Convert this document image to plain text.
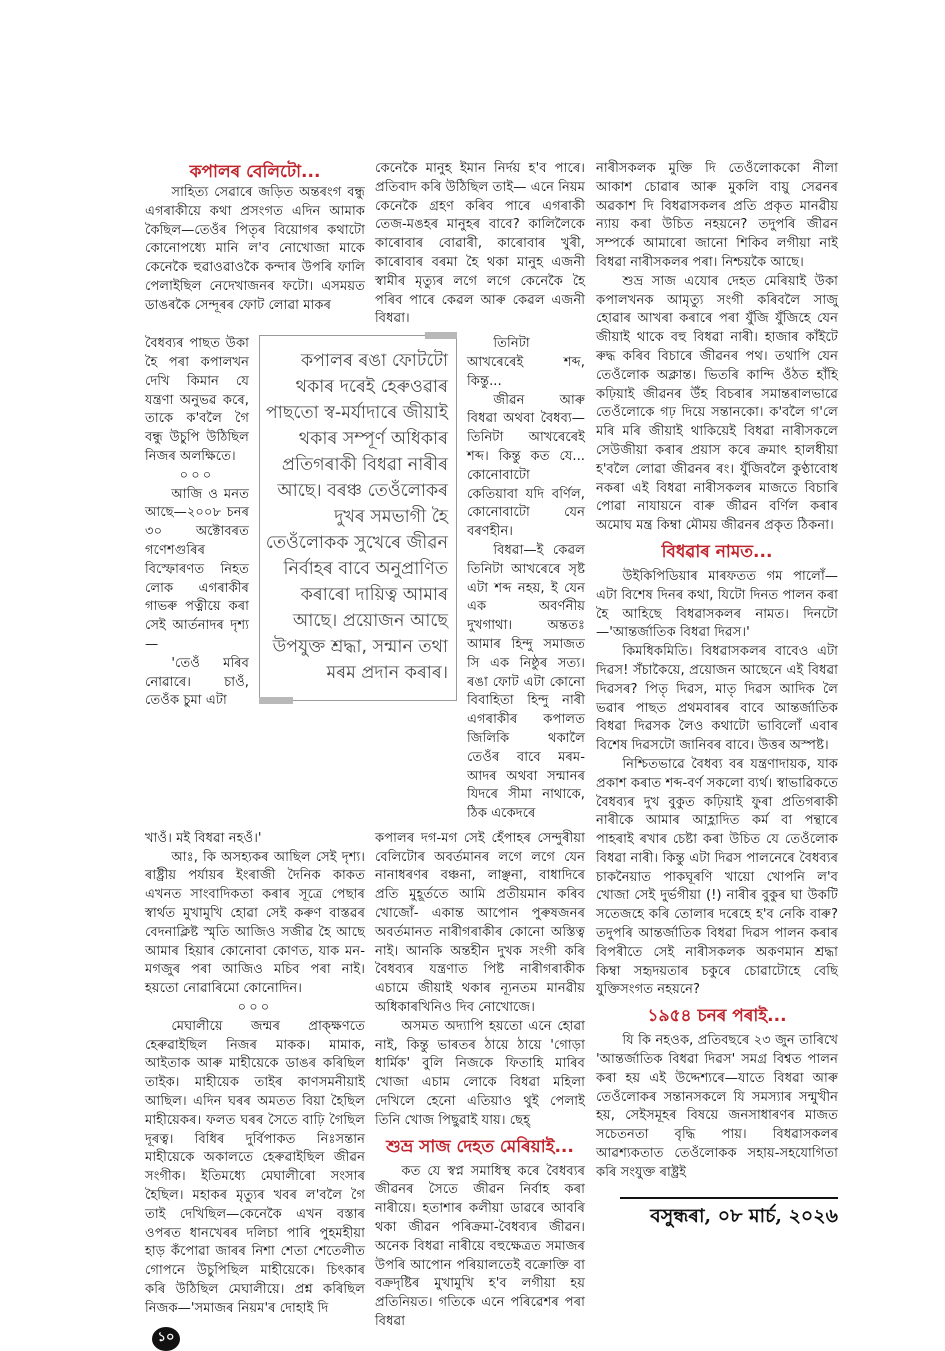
কপালৰ বেলিটো...

সাহিত্য সেৱাৰে জড়িত অন্তৰংগ বন্ধু এগৰাকীয়ে কথা প্ৰসংগত এদিন আমাক কৈছিল—তেওঁৰ পিতৃৰ বিয়োগৰ কথাটো কোনোপধ্যে মানি ল'ব নোখোজা মাকে কেনেকৈ হুৱাওৱাওকৈ কন্দাৰ উপৰি ফালি পেলাইছিল নেদেখাজনৰ ফটো। এসময়ত ডাঙৰকৈ সেন্দূৰৰ ফোট লোৱা মাকৰ

কেনেকৈ মানুহ ইমান নিৰ্দয় হ'ব পাৰে। প্ৰতিবাদ কৰি উঠিছিল তাই— এনে নিয়ম কেনেকৈ গ্ৰহণ কৰিব পাৰে এগৰাকী তেজ-মঙহৰ মানুহৰ বাবে? কালিলৈকে কাৰোবাৰ বোৱাৰী, কাৰোবাৰ খুৰী, কাৰোবাৰ বৰমা হৈ থকা মানুহ এজনী স্বামীৰ মৃত্যুৰ লগে লগে কেনেকৈ হৈ পৰিব পাৰে কেৱল আৰু কেৱল এজনী বিধৱা।

বৈধব্যৰ পাছত উকা হৈ পৰা কপালখন দেখি কিমান যে যন্ত্ৰণা অনুভৱ কৰে, তাকে ক'বলৈ গৈ বন্ধু উচুপি উঠিছিল নিজৰ অলক্ষিতে।

০০০

আজি ও মনত আছে—২০০৮ চনৰ ৩০ অক্টোবৰত গণেশগুৰিৰ বিস্ফোৰণত নিহত লোক এগৰাকীৰ গাভৰু পত্নীয়ে কৰা সেই আৰ্তনাদৰ দৃশ্য—

'তেওঁ মৰিব নোৱাৰে। চাওঁ, তেওঁক চুমা এটা

কপালৰ ৰঙা ফোটটো থকাৰ দৰেই হেৰুওৱাৰ পাছতো স্ব-মৰ্যাদাৰে জীয়াই থকাৰ সম্পূৰ্ণ অধিকাৰ প্ৰতিগৰাকী বিধৱা নাৰীৰ আছে। বৰঞ্চ তেওঁলোকৰ দুখৰ সমভাগী হৈ তেওঁলোকক সুখেৰে জীৱন নিৰ্বাহৰ বাবে অনুপ্ৰাণিত কৰাৰো দায়িত্ব আমাৰ আছে। প্ৰয়োজন আছে উপযুক্ত শ্ৰদ্ধা, সন্মান তথা মৰম প্ৰদান কৰাৰ।

তিনিটা আখৰেৰেই শব্দ, কিন্তু...

জীৱন আৰু বিধৱা অথবা বৈধব্য— তিনিটা আখৰেৰেই শব্দ। কিন্তু কত যে... কোনোবাটো কেতিয়াবা যদি বৰ্ণিল, কোনোবাটো যেন বৰণহীন।

বিধৱা—ই কেৱল তিনিটা আখৰেৰে সৃষ্ট এটা শব্দ নহয়, ই যেন এক অবৰ্ণনীয় দুখগাথা। অন্ততঃ আমাৰ হিন্দু সমাজত সি এক নিষ্ঠুৰ সত্য। ৰঙা ফোট এটা কোনো বিবাহিতা হিন্দু নাৰী এগৰাকীৰ কপালত জিলিকি থকালৈ তেওঁৰ বাবে মৰম-আদৰ অথবা সন্মানৰ যিদৰে সীমা নাথাকে, ঠিক একেদৰে

খাওঁ। মই বিধৱা নহওঁ।'

আঃ, কি অসহ্যকৰ আছিল সেই দৃশ্য। ৰাষ্ট্ৰীয় পৰ্যায়ৰ ইংৰাজী দৈনিক কাকত এখনত সাংবাদিকতা কৰাৰ সূত্ৰে পেছাৰ স্বাৰ্থত মুখামুখি হোৱা সেই কৰুণ বাস্তৱৰ বেদনাক্লিষ্ট স্মৃতি আজিও সজীৱ হৈ আছে আমাৰ হিয়াৰ কোনোবা কোণত, যাক মন-মগজুৰ পৰা আজিও মচিব পৰা নাই। হয়তো নোৱাৰিমো কোনোদিন।

০০০

মেঘালীয়ে জন্মৰ প্ৰাক্‌ক্ষণতে হেৰুৱাইছিল নিজৰ মাকক। মামাক, আইতাক আৰু মাহীয়েকে ডাঙৰ কৰিছিল তাইক। মাহীয়েক তাইৰ কাণসমনীয়াই আছিল। এদিন ঘৰৰ অমতত বিয়া হৈছিল মাহীয়েকৰ। ফলত ঘৰৰ সৈতে বাঢ়ি গৈছিল দূৰত্ব। বিধিৰ দুৰ্বিপাকত নিঃসন্তান মাহীয়েকে অকালতে হেৰুৱাইছিল জীৱন সংগীক। ইতিমধ্যে মেঘালীৰো সংসাৰ হৈছিল। মহাকৰ মৃত্যুৰ খবৰ ল'বলৈ গৈ তাই দেখিছিল—কেনেকৈ এখন বস্তাৰ ওপৰত ধানখেৰৰ দলিচা পাৰি পুহমহীয়া হাড় কঁপোৱা জাৰৰ নিশা শেতা শেতেলীত গোপনে উচুপিছিল মাহীয়েকে। চিৎকাৰ কৰি উঠিছিল মেঘালীয়ে। প্ৰশ্ন কৰিছিল নিজক—'সমাজৰ নিয়ম'ৰ দোহাই দি

১০

কপালৰ দগ-মগ সেই হেঁপাহৰ সেন্দুৰীয়া বেলিটোৰ অবৰ্তমানৰ লগে লগে যেন নানাধৰণৰ বঞ্চনা, লাঞ্ছনা, বাধাদিৰে প্ৰতি মুহূৰ্ততে আমি প্ৰতীয়মান কৰিব খোজোঁ- একান্ত আপোন পুৰুষজনৰ অবৰ্তমানত নাৰীগৰাকীৰ কোনো অস্তিত্ব নাই। আনকি অন্তহীন দুখক সংগী কৰি বৈধব্যৰ যন্ত্ৰণাত পিষ্ট নাৰীগৰাকীক এচামে জীয়াই থকাৰ ন্যূনতম মানৱীয় অধিকাৰখিনিও দিব নোখোজে।

অসমত অদ্যাপি হয়তো এনে হোৱা নাই, কিন্তু ভাৰতৰ ঠায়ে ঠায়ে 'গোড়া ধাৰ্মিক' বুলি নিজকে ফিতাহি মাৰিব খোজা এচাম লোকে বিধৱা মহিলা দেখিলে হেনো এতিয়াও থুই পেলাই তিনি খোজ পিছুৱাই যায়। ছেহ্‌

শুভ্ৰ সাজ দেহত মেৰিয়াই...

কত যে স্বপ্ন সমাধিস্থ কৰে বৈধব্যৰ জীৱনৰ সৈতে জীৱন নিৰ্বাহ কৰা নাৰীয়ে। হতাশাৰ কলীয়া ডাৱৰে আবৰি থকা জীৱন পৰিক্ৰমা-বৈধব্যৰ জীৱন। অনেক বিধৱা নাৰীয়ে বহুক্ষেত্ৰত সমাজৰ উপৰি আপোন পৰিয়ালতেই বক্ৰোক্তি বা বক্ৰদৃষ্টিৰ মুখামুখি হ'ব লগীয়া হয় প্ৰতিনিয়ত। গতিকে এনে পৰিৱেশৰ পৰা বিধৱা

নাৰীসকলক মুক্তি দি তেওঁলোককো নীলা আকাশ চোৱাৰ আৰু মুকলি বায়ু সেৱনৰ অৱকাশ দি বিধৱাসকলৰ প্ৰতি প্ৰকৃত মানৱীয় ন্যায় কৰা উচিত নহয়নে? তদুপৰি জীৱন সম্পৰ্কে আমাৰো জানো শিকিব লগীয়া নাই বিধৱা নাৰীসকলৰ পৰা। নিশ্চয়কৈ আছে।

শুভ্ৰ সাজ এযোৰ দেহত মেৰিয়াই উকা কপালখনক আমৃত্যু সংগী কৰিবলৈ সাজু হোৱাৰ আখৰা কৰাৰে পৰা যুঁজি যুঁজিহে যেন জীয়াই থাকে বহু বিধৱা নাৰী। হাজাৰ কাঁইটে ৰুদ্ধ কৰিব বিচাৰে জীৱনৰ পথ। তথাপি যেন তেওঁলোক অক্লান্ত। ভিতৰি কান্দি ওঁঠত হাঁহি কঢ়িয়াই জীৱনৰ উঁহ বিচৰাৰ সমান্তৰালভাৱে তেওঁলোকে গঢ় দিয়ে সন্তানকো। ক'বলৈ গ'লে মৰি মৰি জীয়াই থাকিয়েই বিধৱা নাৰীসকলে সেউজীয়া কৰাৰ প্ৰয়াস কৰে ক্ৰমাৎ হালধীয়া হ'বলৈ লোৱা জীৱনৰ ৰং। যুঁজিবলৈ কুণ্ঠাবোধ নকৰা এই বিধৱা নাৰীসকলৰ মাজতে বিচাৰি পোৱা নাযায়নে বাৰু জীৱন বৰ্ণিল কৰাৰ অমোঘ মন্ত্ৰ কিম্বা মৌময় জীৱনৰ প্ৰকৃত ঠিকনা।

বিধৱাৰ নামত...

উইকিপিডিয়াৰ মাৰফতত গম পালোঁ—এটা বিশেষ দিনৰ কথা, যিটো দিনত পালন কৰা হৈ আহিছে বিধৱাসকলৰ নামত। দিনটো—'আন্তৰ্জাতিক বিধৱা দিৱস।'

কিমধিকমিতি। বিধৱাসকলৰ বাবেও এটা দিৱস! সঁচাকৈয়ে, প্ৰয়োজন আছেনে এই বিধৱা দিৱসৰ? পিতৃ দিৱস, মাতৃ দিৱস আদিক লৈ ভৱাৰ পাছত প্ৰথমবাৰৰ বাবে আন্তৰ্জাতিক বিধৱা দিৱসক লৈও কথাটো ভাবিলোঁ এবাৰ বিশেষ দিৱসটো জানিবৰ বাবে। উত্তৰ অস্পষ্ট।

নিশ্চিতভাৱে বৈধব্য বৰ যন্ত্ৰণাদায়ক, যাক প্ৰকাশ কৰাত শব্দ-বৰ্ণ সকলো ব্যৰ্থ। স্বাভাৱিকতে বৈধব্যৰ দুখ বুকুত কঢ়িয়াই ফুৰা প্ৰতিগৰাকী নাৰীকে আমাৰ আহ্লাদিত কৰ্ম বা পন্থাৰে পাহৰাই ৰখাৰ চেষ্টা কৰা উচিত যে তেওঁলোক বিধৱা নাৰী। কিন্তু এটা দিৱস পালনেৰে বৈধব্যৰ চাকনৈয়াত পাকঘূৰণি খায়ো খোপনি ল'ব খোজা সেই দুৰ্ভগীয়া (!) নাৰীৰ বুকুৰ ঘা উকটি সতেজহে কৰি তোলাৰ দৰেহে হ'ব নেকি বাৰু? তদুপৰি আন্তৰ্জাতিক বিধৱা দিৱস পালন কৰাৰ বিপৰীতে সেই নাৰীসকলক অকণমান শ্ৰদ্ধা কিম্বা সহৃদয়তাৰ চকুৰে চোৱাটোহে বেছি যুক্তিসংগত নহয়নে?

১৯৫৪ চনৰ পৰাই...

যি কি নহওক, প্ৰতিবছৰে ২৩ জুন তাৰিখে 'আন্তৰ্জাতিক বিধৱা দিৱস' সমগ্ৰ বিশ্বত পালন কৰা হয় এই উদ্দেশ্যৰে—যাতে বিধৱা আৰু তেওঁলোকৰ সন্তানসকলে যি সমস্যাৰ সন্মুখীন হয়, সেইসমূহৰ বিষয়ে জনসাধাৰণৰ মাজত সচেতনতা বৃদ্ধি পায়। বিধৱাসকলৰ আৱশ্যকতাত তেওঁলোকক সহায়-সহযোগিতা কৰি সংযুক্ত ৰাষ্ট্ৰই

বসুন্ধৰা, ০৮ মাৰ্চ, ২০২৬
